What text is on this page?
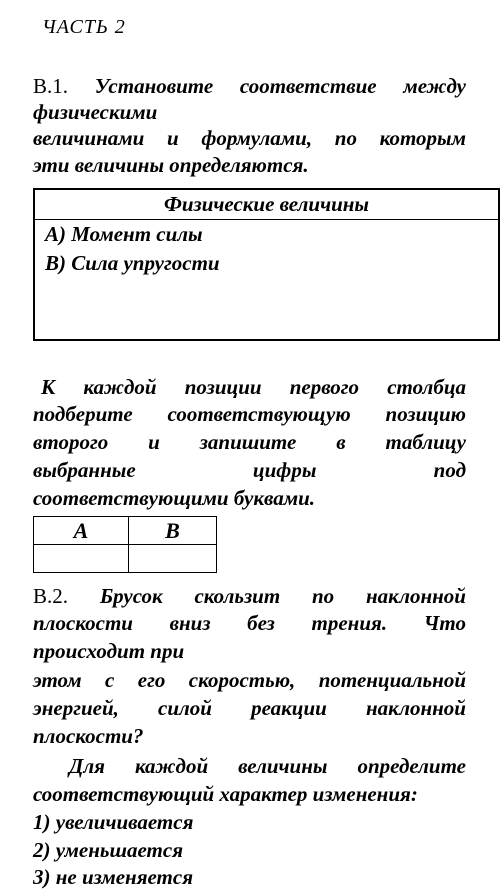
ЧАСТЬ 2
В.1. Установите соответствие между
физическими
величинами и формулами, по которым
эти величины определяются.
Физические величины
А) Момент силы
В) Сила упругости
К каждой позиции первого столбца
подберите соответствующую позицию
второго и запишите в таблицу
выбранные цифры под
соответствующими буквами.
А	В

В.2. Брусок скользит по наклонной
плоскости вниз без трения. Что
происходит при
этом с его скоростью, потенциальной
энергией, силой реакции наклонной
плоскости?
Для каждой величины определите
соответствующий характер изменения:
1) увеличивается
2) уменьшается
3) не изменяется
